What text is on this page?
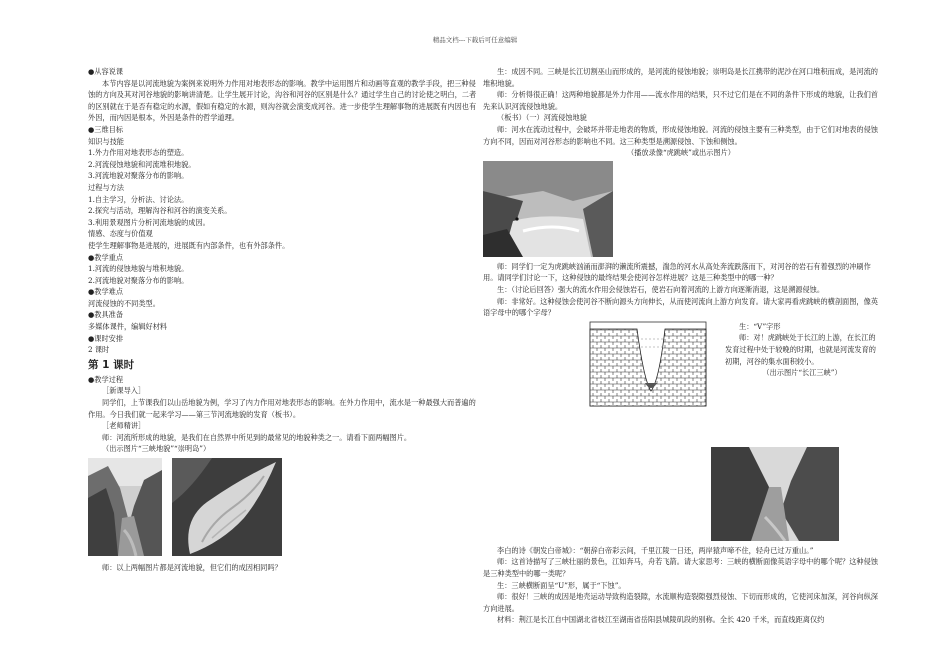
精品文档---下载后可任意编辑

●从容说课

本节内容是以河流地貌为案例来说明外力作用对地表形态的影响。教学中运用图片和动画等直观的教学手段，把三种侵蚀的方向及其对河谷地貌的影响讲清楚。让学生展开讨论，沟谷和河谷的区别是什么？通过学生自己的讨论使之明白，二者的区别就在于是否有稳定的水源，假如有稳定的水源，则沟谷就会演变成河谷。进一步使学生理解事物的进展既有内因也有外因，而内因是根本，外因是条件的哲学道理。

●三维目标

知识与技能

1.外力作用对地表形态的塑造。

2.河流侵蚀地貌和河流堆积地貌。

3.河流地貌对聚落分布的影响。

过程与方法

1.自主学习，分析法、讨论法。

2.探究与活动，理解沟谷和河谷的演变关系。

3.利用景观图片分析河流地貌的成因。

情感、态度与价值观

使学生理解事物是进展的，进展既有内部条件，也有外部条件。

●教学重点

1.河流的侵蚀地貌与堆积地貌。

2.河流地貌对聚落分布的影响。

●教学难点

河流侵蚀的不同类型。

●教具准备

多媒体课件，编辑好材料

●课时安排

2 课时

第 1 课时

●教学过程

［新课导入］

同学们，上节课我们以山岳地貌为例，学习了内力作用对地表形态的影响。在外力作用中，流水是一种最强大而普遍的作用。今日我们就一起来学习——第三节河流地貌的发育（板书）。

［老师精讲］

师：河流所形成的地貌，是我们在自然界中所见到的最常见的地貌种类之一。请看下面两幅图片。

（出示图片“三峡地貌”“崇明岛”）

师：以上两幅图片都是河流地貌，但它们的成因相同吗？

生：成因不同。三峡是长江切割巫山而形成的，是河流的侵蚀地貌；崇明岛是长江携带的泥沙在河口堆积而成，是河流的堆积地貌。

师：分析得很正确！这两种地貌都是外力作用——流水作用的结果，只不过它们是在不同的条件下形成的地貌，让我们首先来认识河流侵蚀地貌。

（板书）（一）河流侵蚀地貌

师：河水在流动过程中，会破坏并带走地表的物质，形成侵蚀地貌。河流的侵蚀主要有三种类型，由于它们对地表的侵蚀方向不同，因而对河谷形态的影响也不同。这三种类型是溯源侵蚀、下蚀和侧蚀。

（播放录像“虎跳峡”或出示图片）

师：同学们一定为虎跳峡汹涌而澎湃的濑流所震撼，湍急的河水从高处奔流跌落而下，对河谷的岩石有着强烈的冲刷作用。请同学们讨论一下，这种侵蚀的最终结果会使河谷怎样进展？这是三种类型中的哪一种？

生：（讨论后回答）强大的流水作用会侵蚀岩石，使岩石向着河流的上游方向逐渐消退，这是溯源侵蚀。

师：非常好。这种侵蚀会使河谷不断向源头方向伸长，从而使河流向上游方向发育。请大家再看虎跳峡的横剖面图，像英语字母中的哪个字母？

生：“V”字形

师：对！虎跳峡处于长江的上游，在长江的发育过程中处于较晚的时期，也就是河流发育的初期，河谷的集水面积较小。

（出示图片“长江三峡”）

李白的诗《朝发白帝城》：“朝辞白帝彩云间，千里江陵一日还，两岸猿声啼不住，轻舟已过万重山。”

师：这首诗描写了三峡壮丽的景色，江如奔马，舟若飞箭。请大家思考：三峡的横断面像英语字母中的哪个呢？这种侵蚀是三种类型中的哪一类呢？

生：三峡横断面呈“U”形，属于“下蚀”。

师：很好！三峡的成因是地壳运动导致构造裂隙，水流顺构造裂隙强烈侵蚀、下切而形成的，它使河床加深，河谷向纵深方向进展。

材料：荆江是长江自中国湖北省枝江至湖南省岳阳县城陵矶段的别称。全长 420 千米，而直线距离仅约
